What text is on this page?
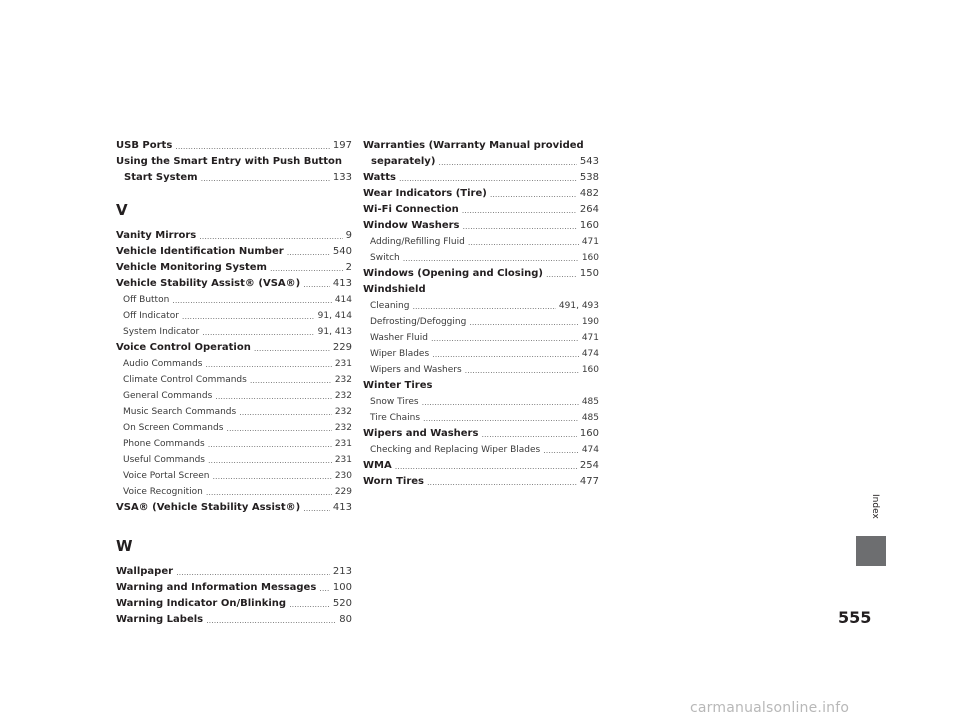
USB Ports .....	197
Using the Smart Entry with Push Button
Start System .....	133
V
Vanity Mirrors .....	9
Vehicle Identification Number .....	540
Vehicle Monitoring System .....	2
Vehicle Stability Assist® (VSA®) .....	413
Off Button .....	414
Off Indicator .....	91, 414
System Indicator .....	91, 413
Voice Control Operation .....	229
Audio Commands .....	231
Climate Control Commands .....	232
General Commands .....	232
Music Search Commands .....	232
On Screen Commands .....	232
Phone Commands .....	231
Useful Commands .....	231
Voice Portal Screen .....	230
Voice Recognition .....	229
VSA® (Vehicle Stability Assist®) .....	413
W
Wallpaper .....	213
Warning and Information Messages ..... 100
Warning Indicator On/Blinking .....	520
Warning Labels .....	80
Warranties (Warranty Manual provided
separately) .....	543
Watts .....	538
Wear Indicators (Tire) .....	482
Wi-Fi Connection .....	264
Window Washers .....	160
Adding/Refilling Fluid .....	471
Switch .....	160
Windows (Opening and Closing) .....	150
Windshield
Cleaning .....	491, 493
Defrosting/Defogging .....	190
Washer Fluid .....	471
Wiper Blades .....	474
Wipers and Washers .....	160
Winter Tires
Snow Tires .....	485
Tire Chains .....	485
Wipers and Washers .....	160
Checking and Replacing Wiper Blades .....	474
WMA .....	254
Worn Tires .....	477
Index
555
carmanualsonline.info
